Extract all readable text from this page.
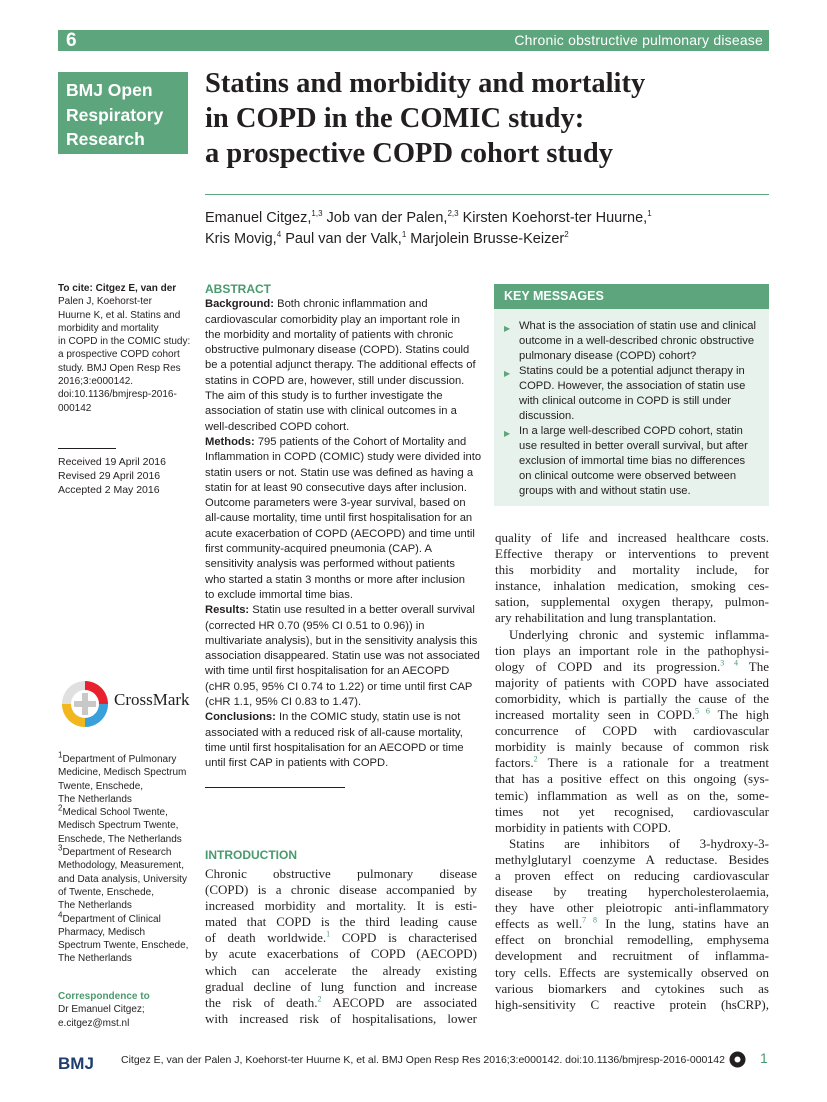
6	Chronic obstructive pulmonary disease
BMJ Open
Respiratory
Research
Statins and morbidity and mortality
in COPD in the COMIC study:
a prospective COPD cohort study
Emanuel Citgez,$^{1,3}$ Job van der Palen,$^{2,3}$ Kirsten Koehorst-ter Huurne,$^1$
Kris Movig,$^4$ Paul van der Valk,$^1$ Marjolein Brusse-Keizer$^2$
To cite: Citgez E, van der
Palen J, Koehorst-ter
Huurne K, et al. Statins and
morbidity and mortality
in COPD in the COMIC study:
a prospective COPD cohort
study. BMJ Open Resp Res
2016;3:e000142.
doi:10.1136/bmjresp-2016-
000142
Received 19 April 2016
Revised 29 April 2016
Accepted 2 May 2016
CrossMark
$^1$Department of Pulmonary
Medicine, Medisch Spectrum
Twente, Enschede,
The Netherlands
$^2$Medical School Twente,
Medisch Spectrum Twente,
Enschede, The Netherlands
$^3$Department of Research
Methodology, Measurement,
and Data analysis, University
of Twente, Enschede,
The Netherlands
$^4$Department of Clinical
Pharmacy, Medisch
Spectrum Twente, Enschede,
The Netherlands
Correspondence to
Dr Emanuel Citgez;
e.citgez@mst.nl
ABSTRACT
Background: Both chronic inflammation and
cardiovascular comorbidity play an important role in
the morbidity and mortality of patients with chronic
obstructive pulmonary disease (COPD). Statins could
be a potential adjunct therapy. The additional effects of
statins in COPD are, however, still under discussion.
The aim of this study is to further investigate the
association of statin use with clinical outcomes in a
well-described COPD cohort.
Methods: 795 patients of the Cohort of Mortality and
Inflammation in COPD (COMIC) study were divided into
statin users or not. Statin use was defined as having a
statin for at least 90 consecutive days after inclusion.
Outcome parameters were 3-year survival, based on
all-cause mortality, time until first hospitalisation for an
acute exacerbation of COPD (AECOPD) and time until
first community-acquired pneumonia (CAP). A
sensitivity analysis was performed without patients
who started a statin 3 months or more after inclusion
to exclude immortal time bias.
Results: Statin use resulted in a better overall survival
(corrected HR 0.70 (95% CI 0.51 to 0.96)) in
multivariate analysis), but in the sensitivity analysis this
association disappeared. Statin use was not associated
with time until first hospitalisation for an AECOPD
(cHR 0.95, 95% CI 0.74 to 1.22) or time until first CAP
(cHR 1.1, 95% CI 0.83 to 1.47).
Conclusions: In the COMIC study, statin use is not
associated with a reduced risk of all-cause mortality,
time until first hospitalisation for an AECOPD or time
until first CAP in patients with COPD.
KEY MESSAGES
▶ What is the association of statin use and clinical
outcome in a well-described chronic obstructive
pulmonary disease (COPD) cohort?
▶ Statins could be a potential adjunct therapy in
COPD. However, the association of statin use
with clinical outcome in COPD is still under
discussion.
▶ In a large well-described COPD cohort, statin
use resulted in better overall survival, but after
exclusion of immortal time bias no differences
on clinical outcome were observed between
groups with and without statin use.
INTRODUCTION
Chronic obstructive pulmonary disease
(COPD) is a chronic disease accompanied by
increased morbidity and mortality. It is esti-
mated that COPD is the third leading cause
of death worldwide.$^1$ COPD is characterised
by acute exacerbations of COPD (AECOPD)
which can accelerate the already existing
gradual decline of lung function and increase
the risk of death.$^2$ AECOPD are associated
with increased risk of hospitalisations, lower
quality of life and increased healthcare costs.
Effective therapy or interventions to prevent
this morbidity and mortality include, for
instance, inhalation medication, smoking ces-
sation, supplemental oxygen therapy, pulmon-
ary rehabilitation and lung transplantation.
Underlying chronic and systemic inflamma-
tion plays an important role in the pathophysi-
ology of COPD and its progression.$^{3 4}$ The
majority of patients with COPD have associated
comorbidity, which is partially the cause of the
increased mortality seen in COPD.$^{5 6}$ The high
concurrence of COPD with cardiovascular
morbidity is mainly because of common risk
factors.$^2$ There is a rationale for a treatment
that has a positive effect on this ongoing (sys-
temic) inflammation as well as on the, some-
times not yet recognised, cardiovascular
morbidity in patients with COPD.
Statins are inhibitors of 3-hydroxy-3-
methylglutaryl coenzyme A reductase. Besides
a proven effect on reducing cardiovascular
disease by treating hypercholesterolaemia,
they have other pleiotropic anti-inflammatory
effects as well.$^{7 8}$ In the lung, statins have an
effect on bronchial remodelling, emphysema
development and recruitment of inflamma-
tory cells. Effects are systemically observed on
various biomarkers and cytokines such as
high-sensitivity C reactive protein (hsCRP),
BMJ	Citgez E, van der Palen J, Koehorst-ter Huurne K, et al. BMJ Open Resp Res 2016;3:e000142. doi:10.1136/bmjresp-2016-000142	1
